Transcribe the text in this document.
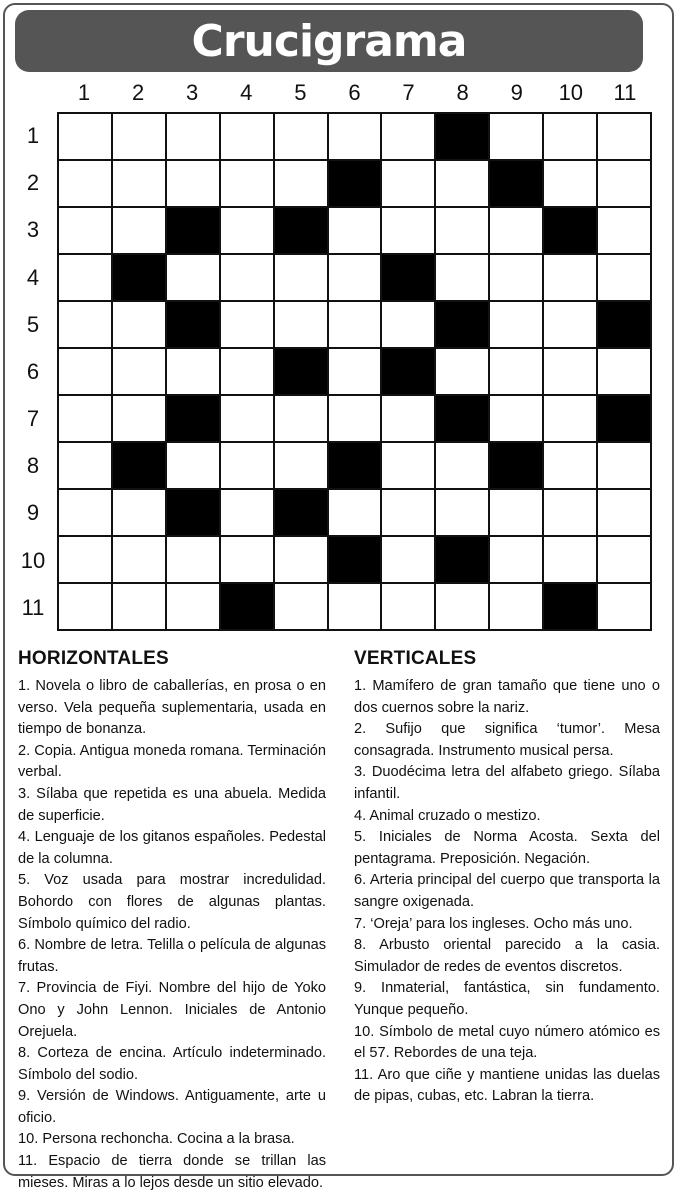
Crucigrama
1	2	3	4	5	6	7	8	9	10	11
1
2
3
4
5
6
7
8
9
10
11
HORIZONTALES

1. Novela o libro de caballerías, en prosa o en verso. Vela pequeña suplementaria, usada en tiempo de bonanza.

2. Copia. Antigua moneda romana. Terminación verbal.

3. Sílaba que repetida es una abuela. Medida de superficie.

4. Lenguaje de los gitanos españoles. Pedestal de la columna.

5. Voz usada para mostrar incredulidad. Bohordo con flores de algunas plantas. Símbolo químico del radio.

6. Nombre de letra. Telilla o película de algunas frutas.

7. Provincia de Fiyi. Nombre del hijo de Yoko Ono y John Lennon. Iniciales de Antonio Orejuela.

8. Corteza de encina. Artículo indeterminado. Símbolo del sodio.

9. Versión de Windows. Antiguamente, arte u oficio.

10. Persona rechoncha. Cocina a la brasa.

11. Espacio de tierra donde se trillan las mieses. Miras a lo lejos desde un sitio elevado.

VERTICALES

1. Mamífero de gran tamaño que tiene uno o dos cuernos sobre la nariz.

2. Sufijo que significa ‘tumor’. Mesa consagrada. Instrumento musical persa.

3. Duodécima letra del alfabeto griego. Sílaba infantil.

4. Animal cruzado o mestizo.

5. Iniciales de Norma Acosta. Sexta del pentagrama. Preposición. Negación.

6. Arteria principal del cuerpo que transporta la sangre oxigenada.

7. ‘Oreja’ para los ingleses. Ocho más uno.

8. Arbusto oriental parecido a la casia. Simulador de redes de eventos discretos.

9. Inmaterial, fantástica, sin fundamento. Yunque pequeño.

10. Símbolo de metal cuyo número atómico es el 57. Rebordes de una teja.

11. Aro que ciñe y mantiene unidas las duelas de pipas, cubas, etc. Labran la tierra.
